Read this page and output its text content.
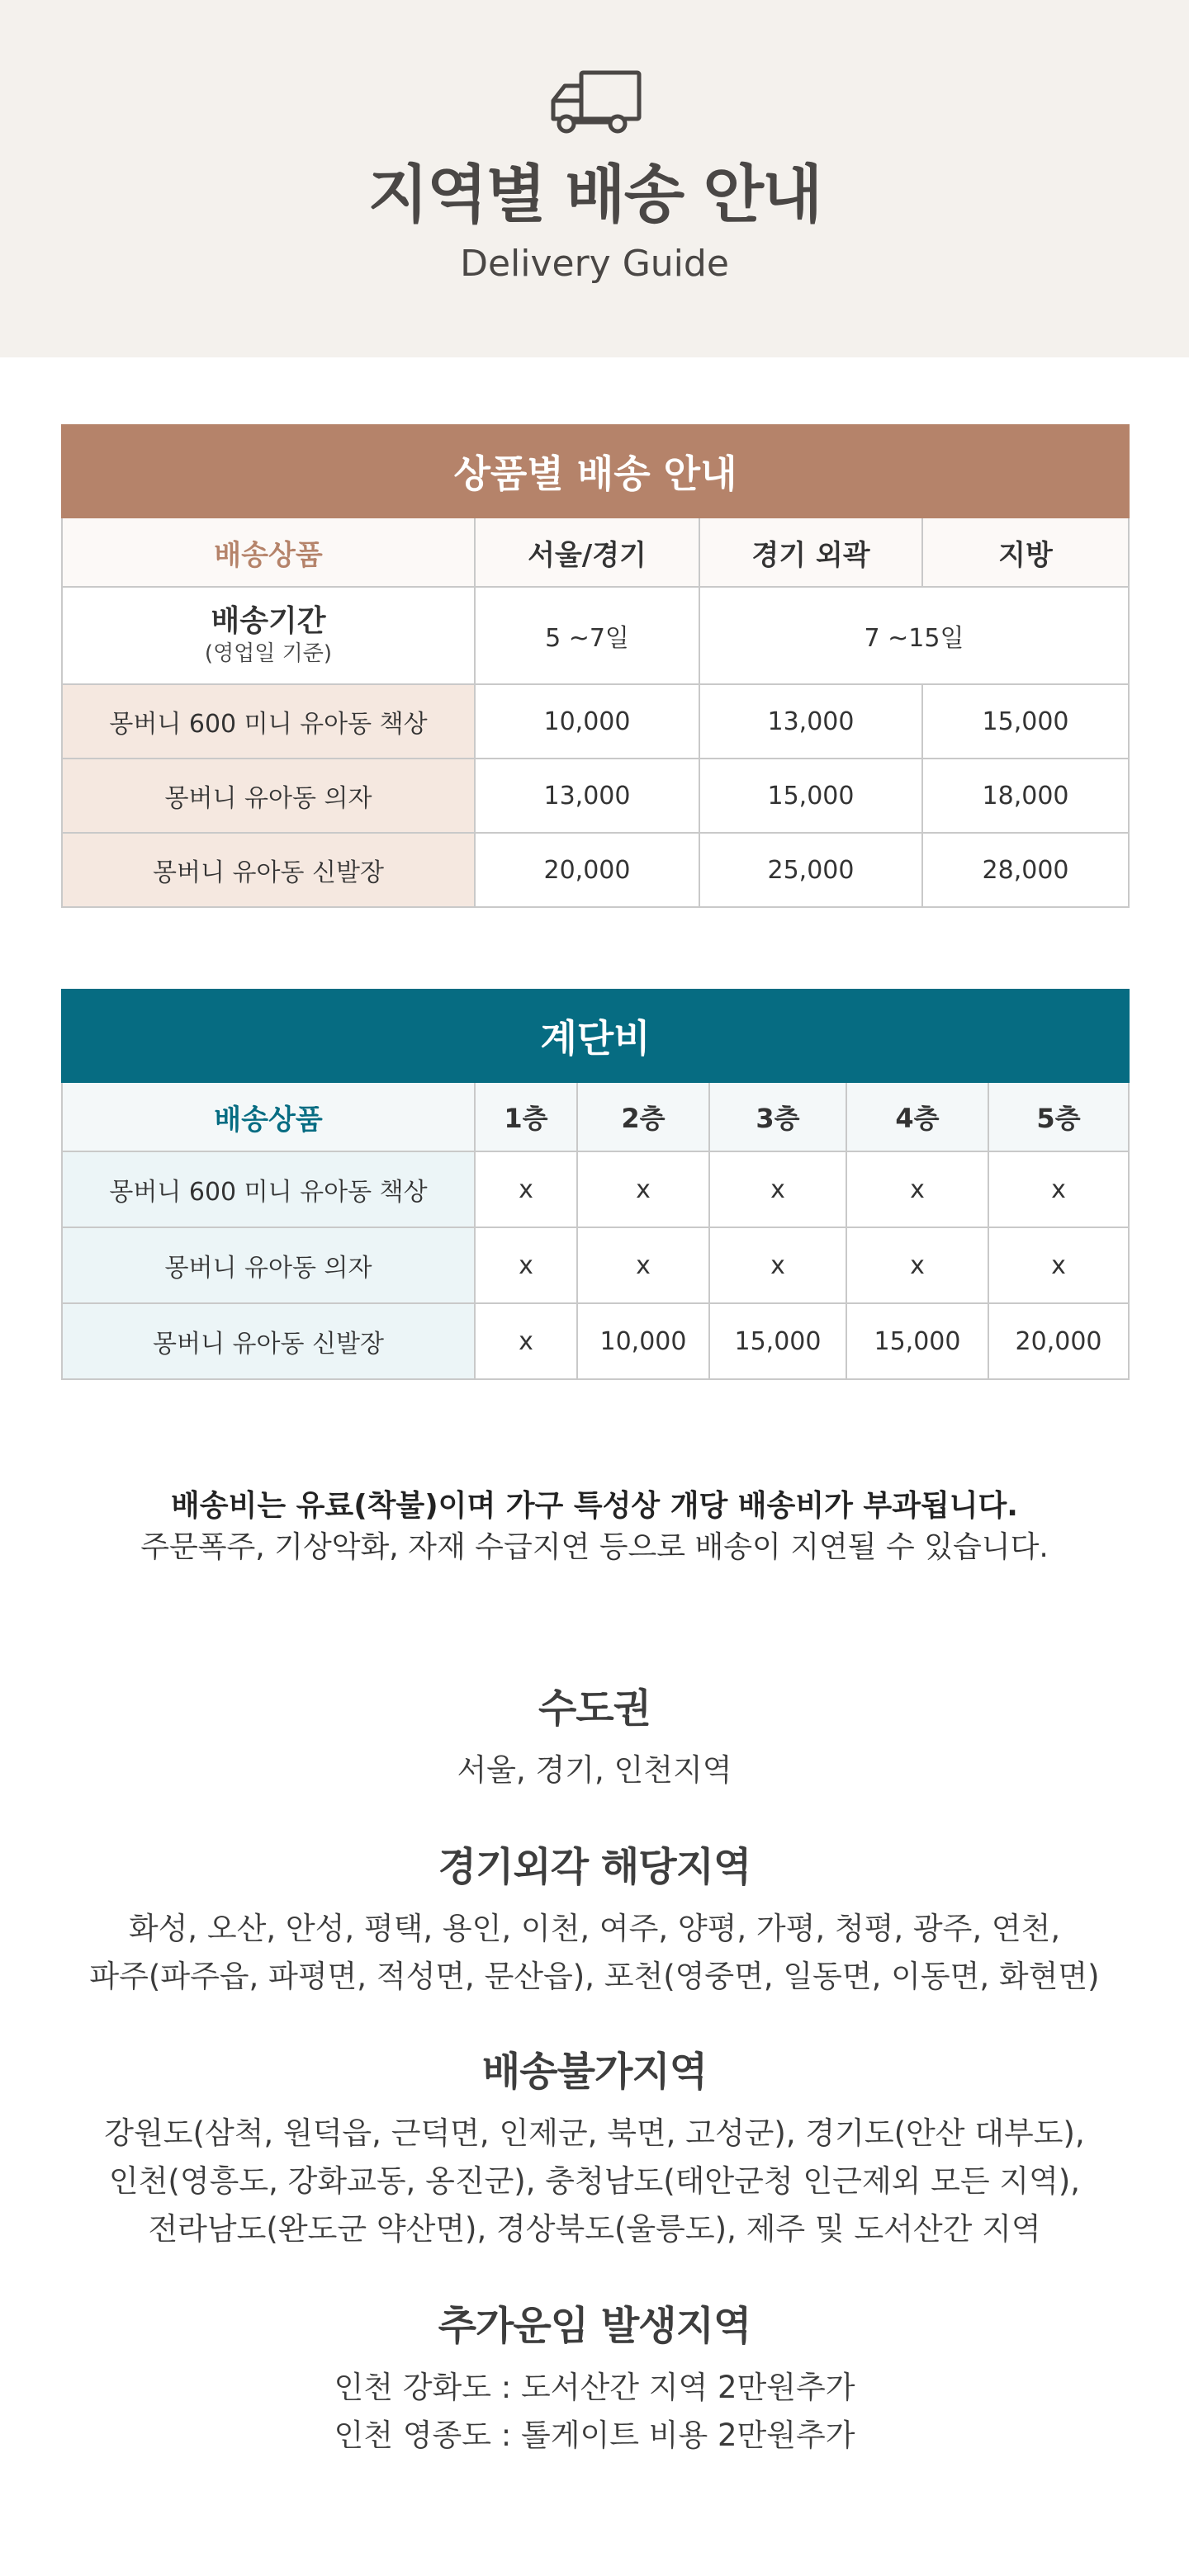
지역별 배송 안내
Delivery Guide
상품별 배송 안내			
배송상품	서울/경기	경기 외곽	지방

배송기간
(영업일 기준)	5 ~7일	7 ~15일	
몽버니 600 미니 유아동 책상	10,000	13,000	15,000
몽버니 유아동 의자	13,000	15,000	18,000
몽버니 유아동 신발장	20,000	25,000	28,000
계단비					
배송상품	1층	2층	3층	4층	5층
몽버니 600 미니 유아동 책상	x	x	x	x	x
몽버니 유아동 의자	x	x	x	x	x
몽버니 유아동 신발장	x	10,000	15,000	15,000	20,000
배송비는 유료(착불)이며 가구 특성상 개당 배송비가 부과됩니다.
주문폭주, 기상악화, 자재 수급지연 등으로 배송이 지연될 수 있습니다.
수도권

서울, 경기, 인천지역

경기외각 해당지역

화성, 오산, 안성, 평택, 용인, 이천, 여주, 양평, 가평, 청평, 광주, 연천,

파주(파주읍, 파평면, 적성면, 문산읍), 포천(영중면, 일동면, 이동면, 화현면)

배송불가지역

강원도(삼척, 원덕읍, 근덕면, 인제군, 북면, 고성군), 경기도(안산 대부도),

인천(영흥도, 강화교동, 옹진군), 충청남도(태안군청 인근제외 모든 지역),

전라남도(완도군 약산면), 경상북도(울릉도), 제주 및 도서산간 지역

추가운임 발생지역

인천 강화도 : 도서산간 지역 2만원추가

인천 영종도 : 톨게이트 비용 2만원추가
